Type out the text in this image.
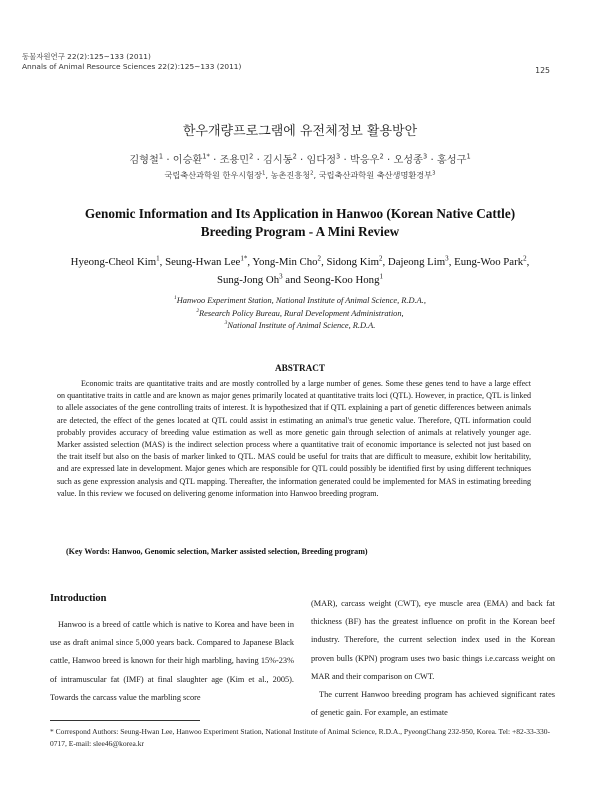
동물자원연구 22(2):125~133 (2011)
Annals of Animal Resource Sciences 22(2):125~133 (2011)	125
한우개량프로그램에 유전체정보 활용방안
김형철$^1$ · 이승환$^{1*}$ · 조용민$^2$ · 김시동$^2$ · 임다정$^3$ · 박응우$^2$ · 오성종$^3$ · 홍성구$^1$
국립축산과학원 한우시험장$^1$, 농촌진흥청$^2$, 국립축산과학원 축산생명환경부$^3$
Genomic Information and Its Application in Hanwoo (Korean Native Cattle)
Breeding Program - A Mini Review
Hyeong-Cheol Kim$^1$, Seung-Hwan Lee$^{1*}$, Yong-Min Cho$^2$, Sidong Kim$^2$, Dajeong Lim$^3$, Eung-Woo Park$^2$,
Sung-Jong Oh$^3$ and Seong-Koo Hong$^1$
$^1$Hanwoo Experiment Station, National Institute of Animal Science, R.D.A.,
$^2$Research Policy Bureau, Rural Development Administration,
$^3$National Institute of Animal Science, R.D.A.
ABSTRACT

Economic traits are quantitative traits and are mostly controlled by a large number of genes. Some these genes tend to have a large effect on quantitative traits in cattle and are known as major genes primarily located at quantitative traits loci (QTL). However, in practice, QTL is linked to allele associates of the gene controlling traits of interest. It is hypothesized that if QTL explaining a part of genetic differences between animals are detected, the effect of the genes located at QTL could assist in estimating an animal's true genetic value. Therefore, QTL information could probably provides accuracy of breeding value estimation as well as more genetic gain through selection of animals at relatively younger age. Marker assisted selection (MAS) is the indirect selection process where a quantitative trait of economic importance is selected not just based on the trait itself but also on the basis of marker linked to QTL. MAS could be useful for traits that are difficult to measure, exhibit low heritability, and are expressed late in development. Major genes which are responsible for QTL could possibly be identified first by using different techniques such as gene expression analysis and QTL mapping. Thereafter, the information generated could be implemented for MAS in estimating breeding value. In this review we focused on delivering genome information into Hanwoo breeding program.

(Key Words: Hanwoo, Genomic selection, Marker assisted selection, Breeding program)

Introduction

Hanwoo is a breed of cattle which is native to Korea and have been in use as draft animal since 5,000 years back. Compared to Japanese Black cattle, Hanwoo breed is known for their high marbling, having 15%-23% of intramuscular fat (IMF) at final slaughter age (Kim et al., 2005). Towards the carcass value the marbling score

(MAR), carcass weight (CWT), eye muscle area (EMA) and back fat thickness (BF) has the greatest influence on profit in the Korean beef industry. Therefore, the current selection index used in the Korean proven bulls (KPN) program uses two basic things i.e.carcass weight on MAR and their comparison on CWT.

The current Hanwoo breeding program has achieved significant rates of genetic gain. For example, an estimate

* Correspond Authors: Seung-Hwan Lee, Hanwoo Experiment Station, National Institute of Animal Science, R.D.A., PyeongChang 232-950, Korea. Tel: +82-33-330-0717, E-mail: slee46@korea.kr
